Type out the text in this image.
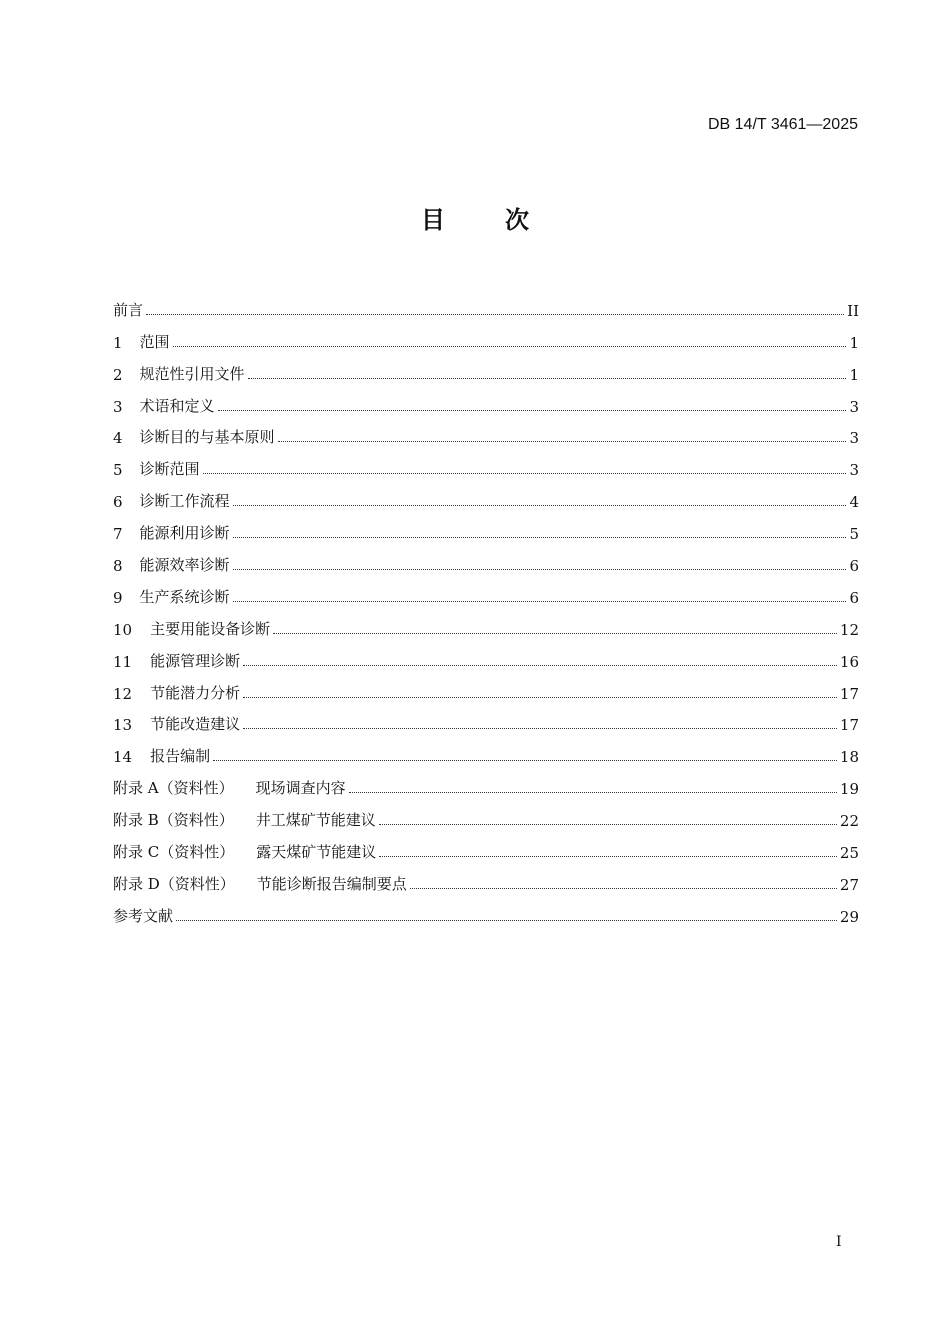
DB 14/T 3461—2025
目次
前言	II
1 范围	1
2 规范性引用文件	1
3 术语和定义	3
4 诊断目的与基本原则	3
5 诊断范围	3
6 诊断工作流程	4
7 能源利用诊断	5
8 能源效率诊断	6
9 生产系统诊断	6
10 主要用能设备诊断	12
11 能源管理诊断	16
12 节能潜力分析	17
13 节能改造建议	17
14 报告编制	18
附录 A（资料性） 现场调查内容	19
附录 B（资料性） 井工煤矿节能建议	22
附录 C（资料性） 露天煤矿节能建议	25
附录 D（资料性） 节能诊断报告编制要点	27
参考文献	29
I
